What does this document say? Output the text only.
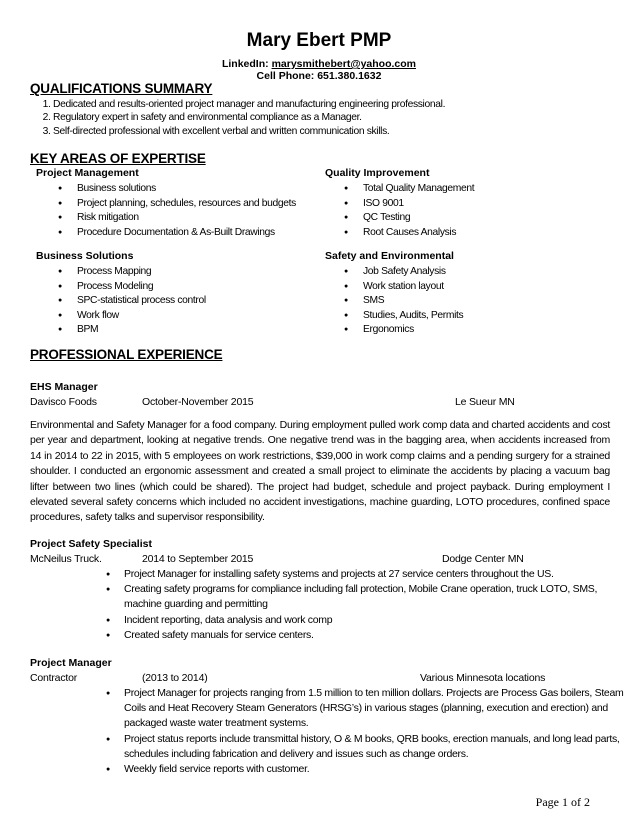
Mary Ebert PMP
LinkedIn: marysmithebert@yahoo.com
Cell Phone: 651.380.1632
QUALIFICATIONS SUMMARY
1. Dedicated and results-oriented project manager and manufacturing engineering professional.
2. Regulatory expert in safety and environmental compliance as a Manager.
3. Self-directed professional with excellent verbal and written communication skills.
KEY AREAS OF EXPERTISE
Project Management
● Business solutions
● Project planning, schedules, resources and budgets
● Risk mitigation
● Procedure Documentation & As-Built Drawings
Quality Improvement
● Total Quality Management
● ISO 9001
● QC Testing
● Root Causes Analysis
Business Solutions
● Process Mapping
● Process Modeling
● SPC-statistical process control
● Work flow
● BPM
Safety and Environmental
● Job Safety Analysis
● Work station layout
● SMS
● Studies, Audits, Permits
● Ergonomics
PROFESSIONAL EXPERIENCE
EHS Manager
Davisco Foods	October-November 2015	Le Sueur MN
Environmental and Safety Manager for a food company. During employment pulled work comp data and charted accidents and cost per year and department, looking at negative trends. One negative trend was in the bagging area, when accidents increased from 14 in 2014 to 22 in 2015, with 5 employees on work restrictions, $39,000 in work comp claims and a pending surgery for a strained shoulder. I conducted an ergonomic assessment and created a small project to eliminate the accidents by placing a vacuum bag lifter between two lines (which could be shared). The project had budget, schedule and project payback. During employment I elevated several safety concerns which included no accident investigations, machine guarding, LOTO procedures, confined space procedures, safety talks and supervisor responsibility.
Project Safety Specialist
McNeilus Truck.	2014 to September 2015	Dodge Center MN
● Project Manager for installing safety systems and projects at 27 service centers throughout the US.
● Creating safety programs for compliance including fall protection, Mobile Crane operation, truck LOTO, SMS, machine guarding and permitting
● Incident reporting, data analysis and work comp
● Created safety manuals for service centers.
Project Manager
Contractor	(2013 to 2014)	Various Minnesota locations
● Project Manager for projects ranging from 1.5 million to ten million dollars. Projects are Process Gas boilers, Steam Coils and Heat Recovery Steam Generators (HRSG’s) in various stages (planning, execution and erection) and packaged waste water treatment systems.
● Project status reports include transmittal history, O & M books, QRB books, erection manuals, and long lead parts, schedules including fabrication and delivery and issues such as change orders.
● Weekly field service reports with customer.
Page 1 of 2
